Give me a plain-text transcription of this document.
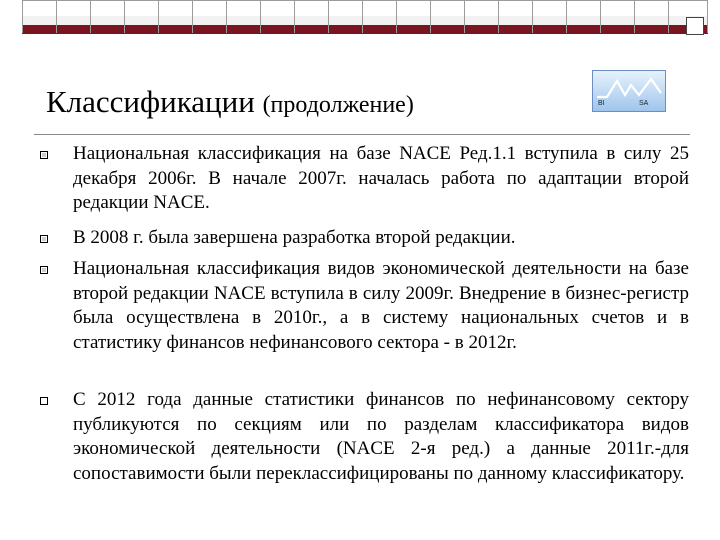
Классификации (продолжение)	BI	SA
Национальная классификация на базе NACE Ред.1.1 вступила в силу 25 декабря 2006г. В начале 2007г. началась работа по адаптации второй редакции NACE.
В 2008 г. была завершена разработка второй редакции.
Национальная классификация видов экономической деятельности на базе второй редакции NACE вступила в силу 2009г. Внедрение в бизнес-регистр была осуществлена в 2010г., а в систему национальных счетов и в статистику финансов нефинансового сектора - в 2012г.
С 2012 года данные статистики финансов по нефинансовому сектору публикуются по секциям или по разделам классификатора видов экономической деятельности (NACE 2-я ред.) а данные 2011г.-для сопоставимости были переклассифицированы по данному классификатору.
